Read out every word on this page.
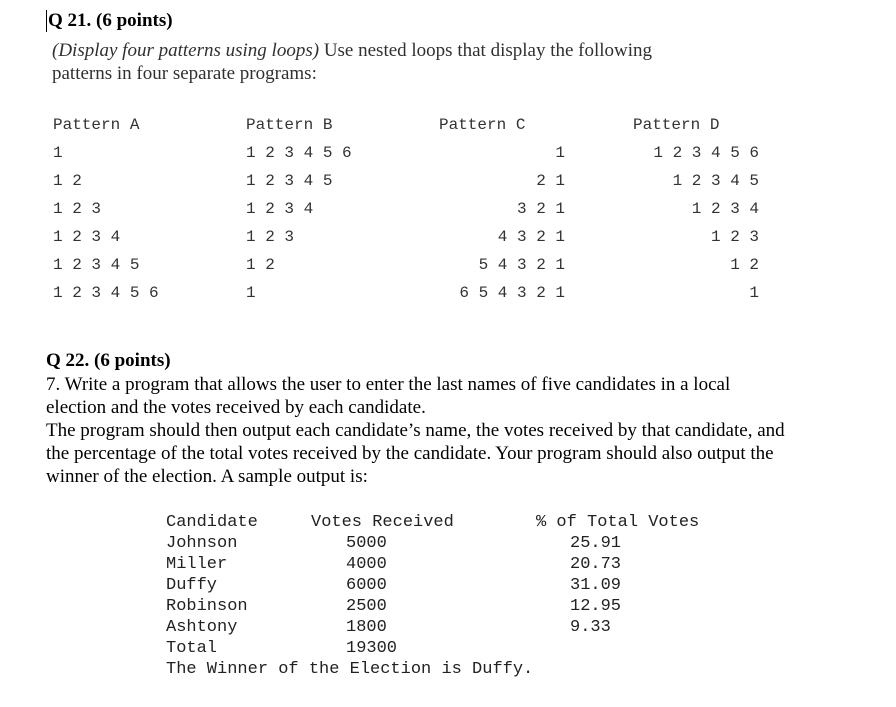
Q 21. (6 points)
(Display four patterns using loops) Use nested loops that display the following
patterns in four separate programs:
Pattern A
1
1 2
1 2 3
1 2 3 4
1 2 3 4 5
1 2 3 4 5 6
Pattern B
1 2 3 4 5 6
1 2 3 4 5
1 2 3 4
1 2 3
1 2
1
Pattern C
1
2 1
3 2 1
4 3 2 1
5 4 3 2 1
6 5 4 3 2 1
Pattern D
1 2 3 4 5 6
1 2 3 4 5
1 2 3 4
1 2 3
1 2
1
Q 22. (6 points)
7. Write a program that allows the user to enter the last names of five candidates in a local
election and the votes received by each candidate.
The program should then output each candidate’s name, the votes received by that candidate, and
the percentage of the total votes received by the candidate. Your program should also output the
winner of the election. A sample output is:
Candidate	Votes Received	% of Total Votes
Johnson	5000	25.91
Miller	4000	20.73
Duffy	6000	31.09
Robinson	2500	12.95
Ashtony	1800	9.33
Total	19300
The Winner of the Election is Duffy.
